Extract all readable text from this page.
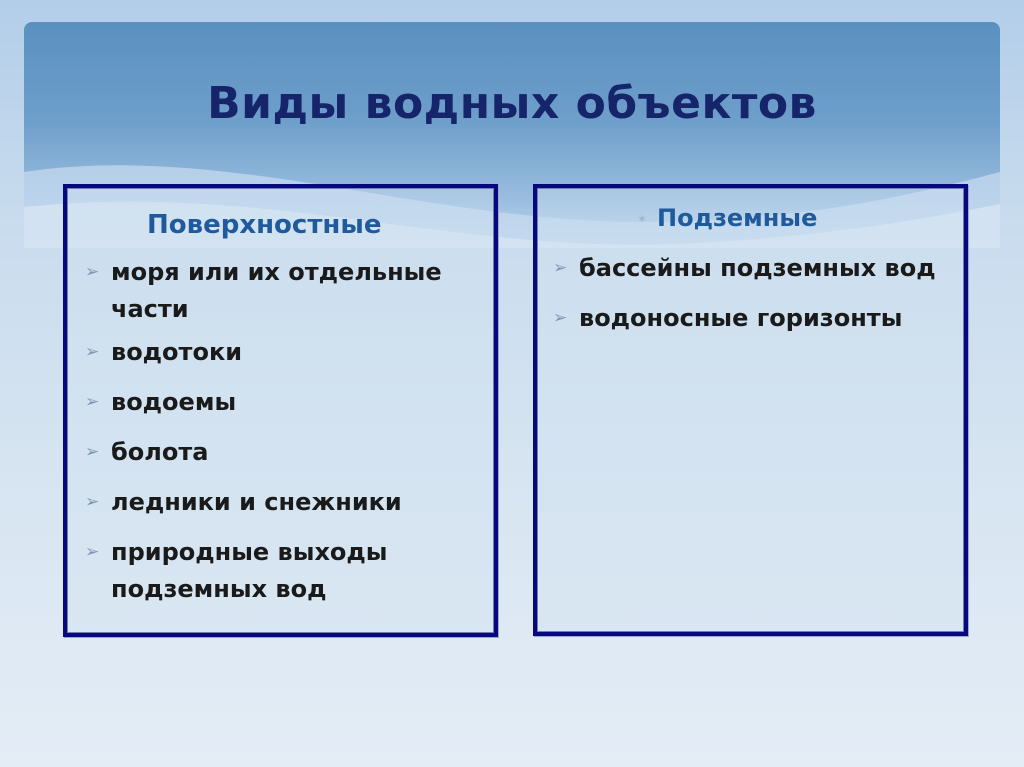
Виды водных объектов
Поверхностные
➢ моря или их отдельные части
➢ водотоки
➢ водоемы
➢ болота
➢ ледники и снежники
➢ природные выходы подземных вод
✶ Подземные
➢ бассейны подземных вод
➢ водоносные горизонты
